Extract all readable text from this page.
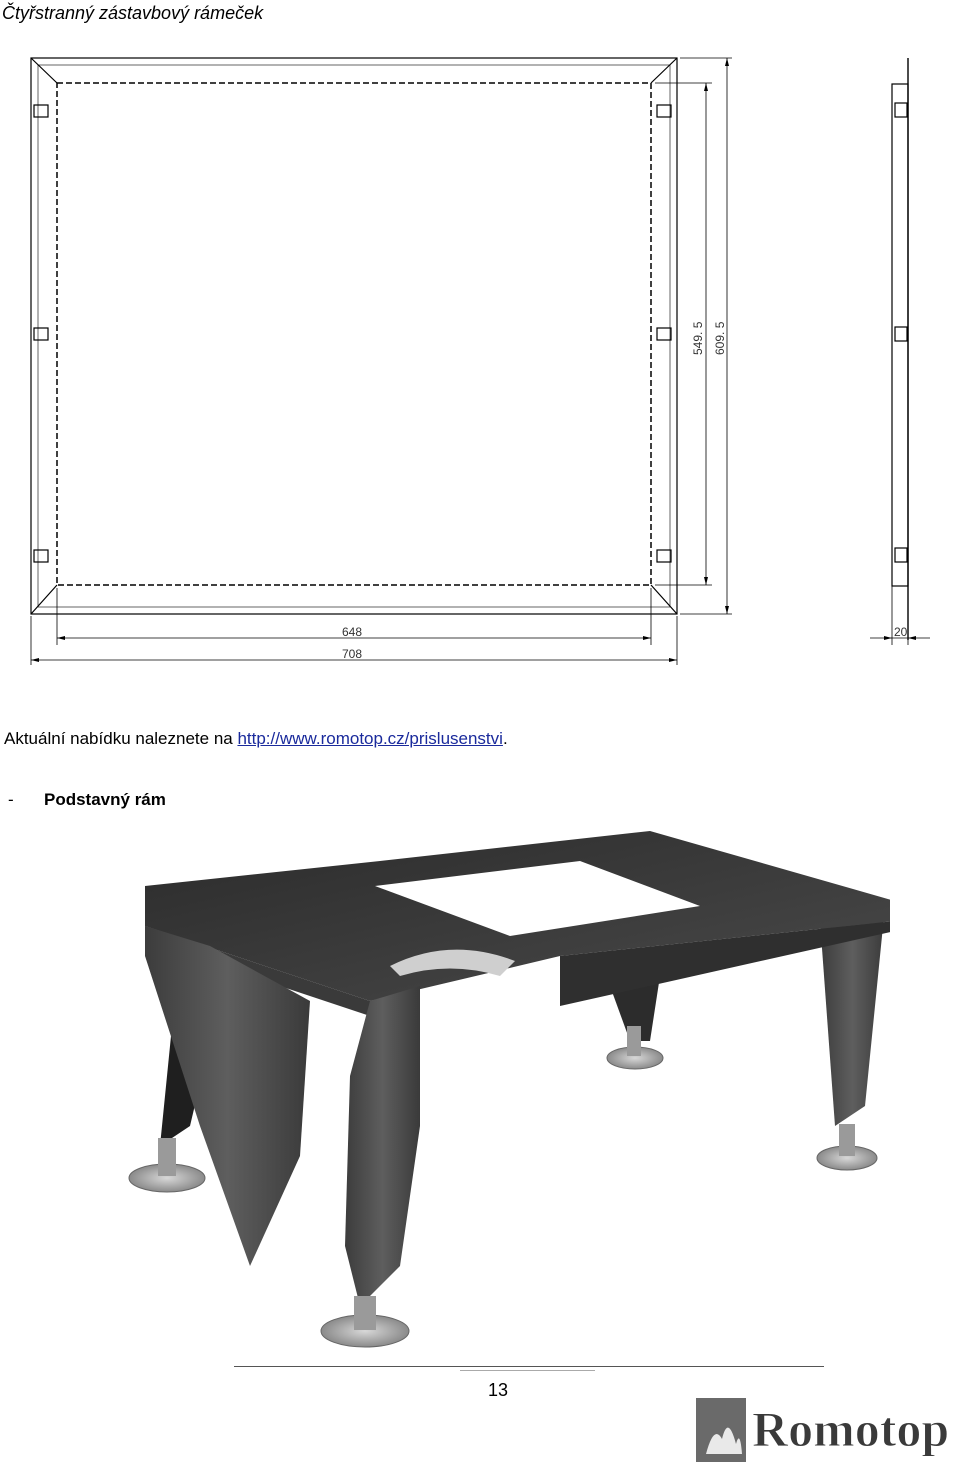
Čtyřstranný zástavbový rámeček
648
708
549. 5 609. 5
20
Aktuální nabídku naleznete na http://www.romotop.cz/prislusenstvi.
- Podstavný rám
13
Romotop
